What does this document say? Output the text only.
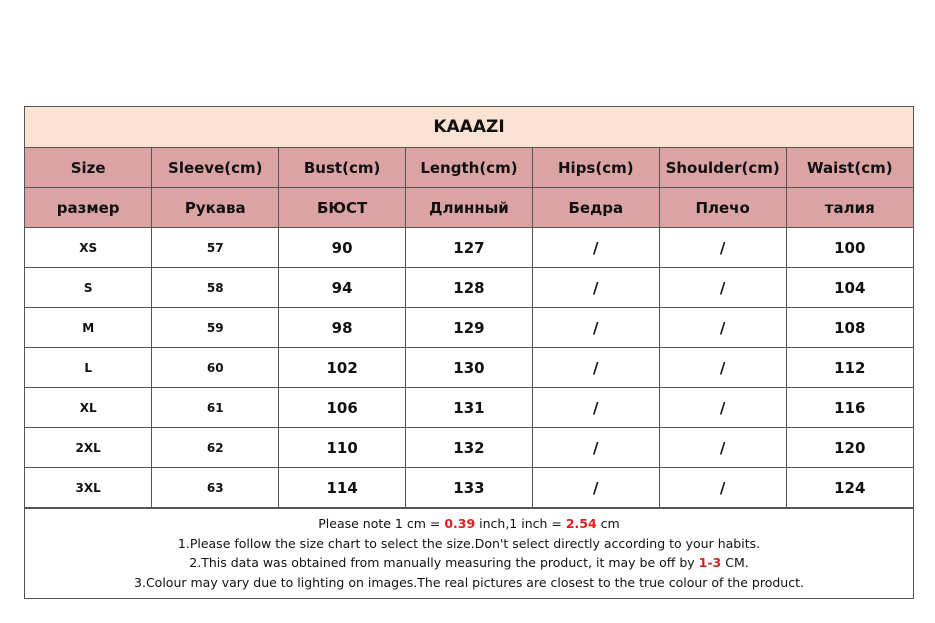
KAAAZI
Size	Sleeve(cm)	Bust(cm)	Length(cm)	Hips(cm)	Shoulder(cm)	Waist(cm)
размер	Рукава	БЮСТ	Длинный	Бедра	Плечо	талия
XS	57	90	127	/	/	100
S	58	94	128	/	/	104
M	59	98	129	/	/	108
L	60	102	130	/	/	112
XL	61	106	131	/	/	116
2XL	62	110	132	/	/	120
3XL	63	114	133	/	/	124
Please note 1 cm = 0.39 inch,1 inch = 2.54 cm
1.Please follow the size chart to select the size.Don't select directly according to your habits.
2.This data was obtained from manually measuring the product, it may be off by 1-3 CM.
3.Colour may vary due to lighting on images.The real pictures are closest to the true colour of the product.
